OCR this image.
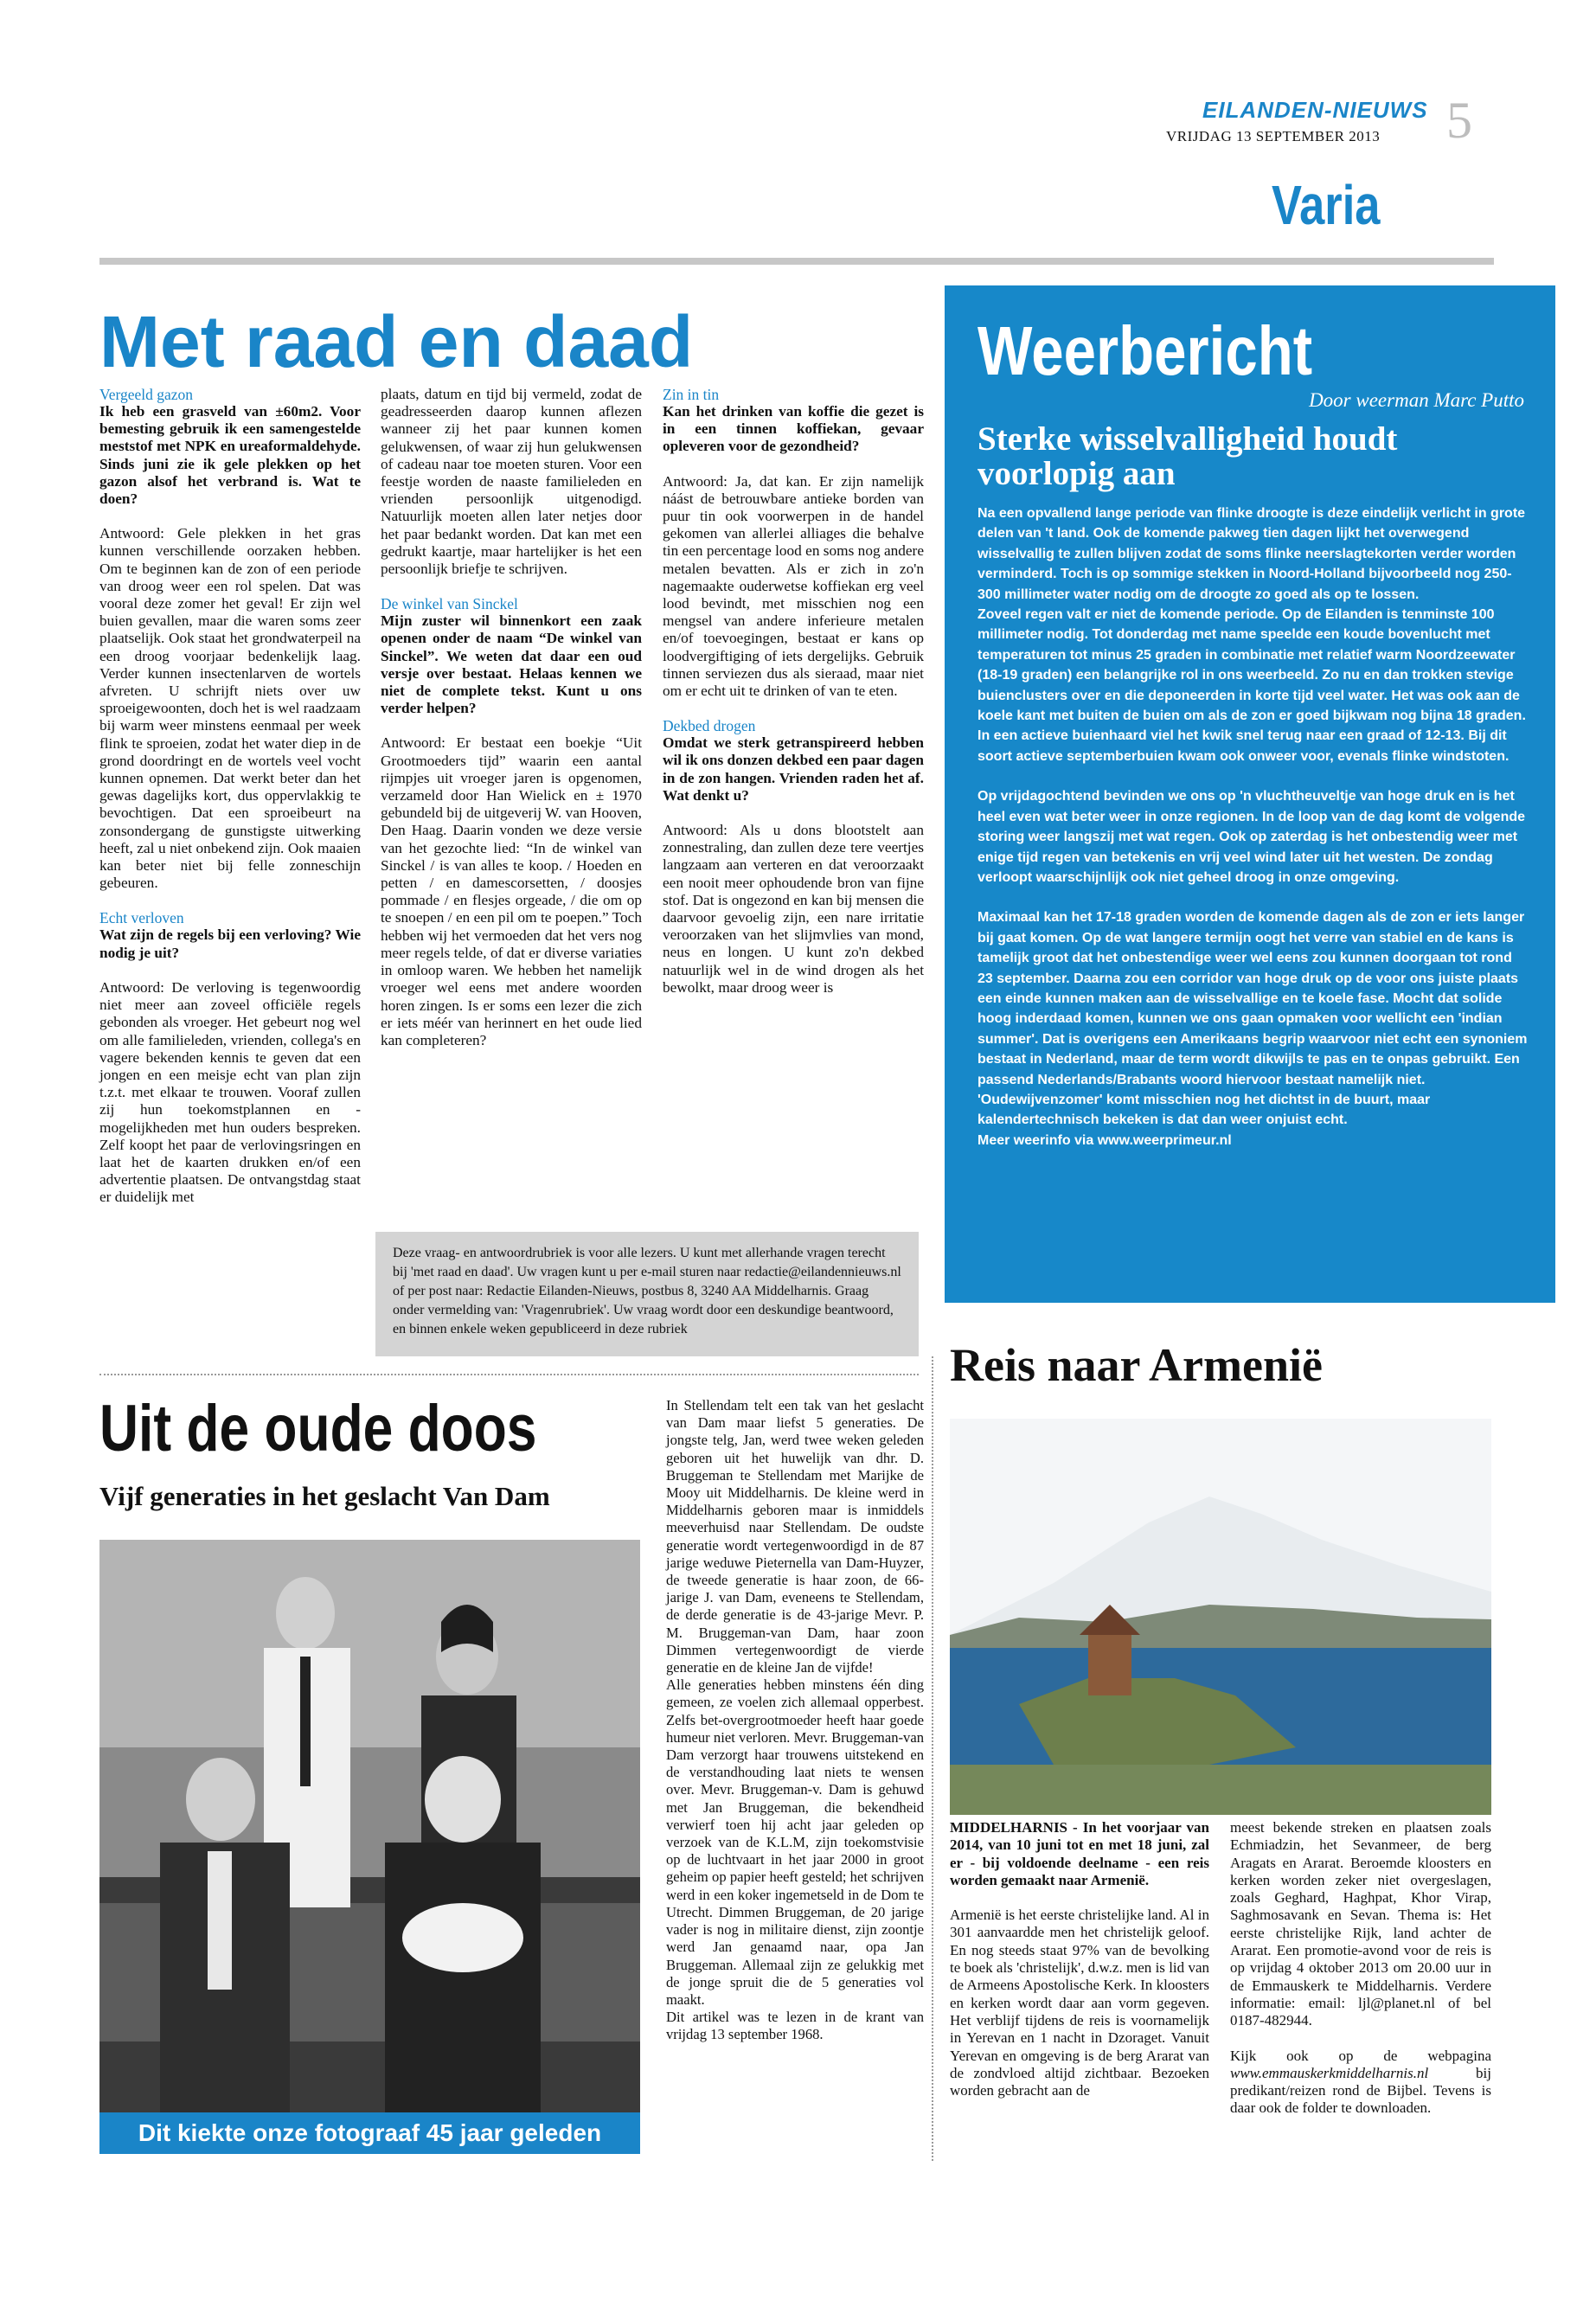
EILANDEN-NIEUWS
VRIJDAG 13 SEPTEMBER 2013 5
Varia
Met raad en daad
Vergeeld gazon

Ik heb een grasveld van ±60m2. Voor bemesting gebruik ik een samengestelde meststof met NPK en ureaformaldehyde. Sinds juni zie ik gele plekken op het gazon alsof het verbrand is. Wat te doen?

Antwoord: Gele plekken in het gras kunnen verschillende oorzaken hebben. Om te beginnen kan de zon of een periode van droog weer een rol spelen. Dat was vooral deze zomer het geval! Er zijn wel buien gevallen, maar die waren soms zeer plaatselijk. Ook staat het grondwaterpeil na een droog voorjaar bedenkelijk laag. Verder kunnen insectenlarven de wortels afvreten. U schrijft niets over uw sproeigewoonten, doch het is wel raadzaam bij warm weer minstens eenmaal per week flink te sproeien, zodat het water diep in de grond doordringt en de wortels veel vocht kunnen opnemen. Dat werkt beter dan het gewas dagelijks kort, dus oppervlakkig te bevochtigen. Dat een sproeibeurt na zonsondergang de gunstigste uitwerking heeft, zal u niet onbekend zijn. Ook maaien kan beter niet bij felle zonneschijn gebeuren.

Echt verloven

Wat zijn de regels bij een verloving? Wie nodig je uit?

Antwoord: De verloving is tegenwoordig niet meer aan zoveel officiële regels gebonden als vroeger. Het gebeurt nog wel om alle familieleden, vrienden, collega's en vagere bekenden kennis te geven dat een jongen en een meisje echt van plan zijn t.z.t. met elkaar te trouwen. Vooraf zullen zij hun toekomstplannen en -mogelijkheden met hun ouders bespreken. Zelf koopt het paar de verlovingsringen en laat het de kaarten drukken en/of een advertentie plaatsen. De ontvangstdag staat er duidelijk met

plaats, datum en tijd bij vermeld, zodat de geadresseerden daarop kunnen aflezen wanneer zij het paar kunnen komen gelukwensen, of waar zij hun gelukwensen of cadeau naar toe moeten sturen. Voor een feestje worden de naaste familieleden en vrienden persoonlijk uitgenodigd. Natuurlijk moeten allen later netjes door het paar bedankt worden. Dat kan met een gedrukt kaartje, maar hartelijker is het een persoonlijk briefje te schrijven.

De winkel van Sinckel

Mijn zuster wil binnenkort een zaak openen onder de naam “De winkel van Sinckel”. We weten dat daar een oud versje over bestaat. Helaas kennen we niet de complete tekst. Kunt u ons verder helpen?

Antwoord: Er bestaat een boekje “Uit Grootmoeders tijd” waarin een aantal rijmpjes uit vroeger jaren is opgenomen, verzameld door Han Wielick en ± 1970 gebundeld bij de uitgeverij W. van Hooven, Den Haag. Daarin vonden we deze versie van het gezochte lied: “In de winkel van Sinckel / is van alles te koop. / Hoeden en petten / en damescorsetten, / doosjes pommade / en flesjes orgeade, / die om op te snoepen / en een pil om te poepen.” Toch hebben wij het vermoeden dat het vers nog meer regels telde, of dat er diverse variaties in omloop waren. We hebben het namelijk vroeger wel eens met andere woorden horen zingen. Is er soms een lezer die zich er iets méér van herinnert en het oude lied kan completeren?

Zin in tin

Kan het drinken van koffie die gezet is in een tinnen koffiekan, gevaar opleveren voor de gezondheid?

Antwoord: Ja, dat kan. Er zijn namelijk náást de betrouwbare antieke borden van puur tin ook voorwerpen in de handel gekomen van allerlei alliages die behalve tin een percentage lood en soms nog andere metalen bevatten. Als er zich in zo'n nagemaakte ouderwetse koffiekan erg veel lood bevindt, met misschien nog een mengsel van andere inferieure metalen en/of toevoegingen, bestaat er kans op loodvergiftiging of iets dergelijks. Gebruik tinnen serviezen dus als sieraad, maar niet om er echt uit te drinken of van te eten.

Dekbed drogen

Omdat we sterk getranspireerd hebben wil ik ons donzen dekbed een paar dagen in de zon hangen. Vrienden raden het af. Wat denkt u?

Antwoord: Als u dons blootstelt aan zonnestraling, dan zullen deze tere veertjes langzaam aan verteren en dat veroorzaakt een nooit meer ophoudende bron van fijne stof. Dat is ongezond en kan bij mensen die daarvoor gevoelig zijn, een nare irritatie veroorzaken van het slijmvlies van mond, neus en longen. U kunt zo'n dekbed natuurlijk wel in de wind drogen als het bewolkt, maar droog weer is

Deze vraag- en antwoordrubriek is voor alle lezers. U kunt met allerhande vragen terecht bij 'met raad en daad'. Uw vragen kunt u per e-mail sturen naar redactie@eilandennieuws.nl of per post naar: Redactie Eilanden-Nieuws, postbus 8, 3240 AA Middelharnis. Graag onder vermelding van: 'Vragenrubriek'. Uw vraag wordt door een deskundige beantwoord, en binnen enkele weken gepubliceerd in deze rubriek
Weerbericht
Door weerman Marc Putto
Sterke wisselvalligheid houdt voorlopig aan

Na een opvallend lange periode van flinke droogte is deze eindelijk verlicht in grote delen van 't land. Ook de komende pakweg tien dagen lijkt het overwegend wisselvallig te zullen blijven zodat de soms flinke neerslagtekorten verder worden verminderd. Toch is op sommige stekken in Noord-Holland bijvoorbeeld nog 250-300 millimeter water nodig om de droogte zo goed als op te lossen.

Zoveel regen valt er niet de komende periode. Op de Eilanden is tenminste 100 millimeter nodig. Tot donderdag met name speelde een koude bovenlucht met temperaturen tot minus 25 graden in combinatie met relatief warm Noordzeewater (18-19 graden) een belangrijke rol in ons weerbeeld. Zo nu en dan trokken stevige buienclusters over en die deponeerden in korte tijd veel water. Het was ook aan de koele kant met buiten de buien om als de zon er goed bijkwam nog bijna 18 graden. In een actieve buienhaard viel het kwik snel terug naar een graad of 12-13. Bij dit soort actieve septemberbuien kwam ook onweer voor, evenals flinke windstoten.

Op vrijdagochtend bevinden we ons op 'n vluchtheuveltje van hoge druk en is het heel even wat beter weer in onze regionen. In de loop van de dag komt de volgende storing weer langszij met wat regen. Ook op zaterdag is het onbestendig weer met enige tijd regen van betekenis en vrij veel wind later uit het westen. De zondag verloopt waarschijnlijk ook niet geheel droog in onze omgeving.

Maximaal kan het 17-18 graden worden de komende dagen als de zon er iets langer bij gaat komen. Op de wat langere termijn oogt het verre van stabiel en de kans is tamelijk groot dat het onbestendige weer wel eens zou kunnen doorgaan tot rond 23 september. Daarna zou een corridor van hoge druk op de voor ons juiste plaats een einde kunnen maken aan de wisselvallige en te koele fase. Mocht dat solide hoog inderdaad komen, kunnen we ons gaan opmaken voor wellicht een 'indian summer'. Dat is overigens een Amerikaans begrip waarvoor niet echt een synoniem bestaat in Nederland, maar de term wordt dikwijls te pas en te onpas gebruikt. Een passend Nederlands/Brabants woord hiervoor bestaat namelijk niet. 'Oudewijvenzomer' komt misschien nog het dichtst in de buurt, maar kalendertechnisch bekeken is dat dan weer onjuist echt.

Meer weerinfo via www.weerprimeur.nl

Uit de oude doos
Vijf generaties in het geslacht Van Dam
Dit kiekte onze fotograaf 45 jaar geleden

In Stellendam telt een tak van het geslacht van Dam maar liefst 5 generaties. De jongste telg, Jan, werd twee weken geleden geboren uit het huwelijk van dhr. D. Bruggeman te Stellendam met Marijke de Mooy uit Middelharnis. De kleine werd in Middelharnis geboren maar is inmiddels meeverhuisd naar Stellendam. De oudste generatie wordt vertegenwoordigd in de 87 jarige weduwe Pieternella van Dam-Huyzer, de tweede generatie is haar zoon, de 66-jarige J. van Dam, eveneens te Stellendam, de derde generatie is de 43-jarige Mevr. P. M. Bruggeman-van Dam, haar zoon Dimmen vertegenwoordigt de vierde generatie en de kleine Jan de vijfde!

Alle generaties hebben minstens één ding gemeen, ze voelen zich allemaal opperbest. Zelfs bet-overgrootmoeder heeft haar goede humeur niet verloren. Mevr. Bruggeman-van Dam verzorgt haar trouwens uitstekend en de verstandhouding laat niets te wensen over. Mevr. Bruggeman-v. Dam is gehuwd met Jan Bruggeman, die bekendheid verwierf toen hij acht jaar geleden op verzoek van de K.L.M, zijn toekomstvisie op de luchtvaart in het jaar 2000 in groot geheim op papier heeft gesteld; het schrijven werd in een koker ingemetseld in de Dom te Utrecht. Dimmen Bruggeman, de 20 jarige vader is nog in militaire dienst, zijn zoontje werd Jan genaamd naar, opa Jan Bruggeman. Allemaal zijn ze gelukkig met de jonge spruit die de 5 generaties vol maakt.

Dit artikel was te lezen in de krant van vrijdag 13 september 1968.

Reis naar Armenië

MIDDELHARNIS - In het voorjaar van 2014, van 10 juni tot en met 18 juni, zal er - bij voldoende deelname - een reis worden gemaakt naar Armenië.

Armenië is het eerste christelijke land. Al in 301 aanvaardde men het christelijk geloof. En nog steeds staat 97% van de bevolking te boek als 'christelijk', d.w.z. men is lid van de Armeens Apostolische Kerk. In kloosters en kerken wordt daar aan vorm gegeven. Het verblijf tijdens de reis is voornamelijk in Yerevan en 1 nacht in Dzoraget. Vanuit Yerevan en omgeving is de berg Ararat van de zondvloed altijd zichtbaar. Bezoeken worden gebracht aan de

meest bekende streken en plaatsen zoals Echmiadzin, het Sevanmeer, de berg Aragats en Ararat. Beroemde kloosters en kerken worden zeker niet overgeslagen, zoals Geghard, Haghpat, Khor Virap, Saghmosavank en Sevan. Thema is: Het eerste christelijke Rijk, land achter de Ararat. Een promotie-avond voor de reis is op vrijdag 4 oktober 2013 om 20.00 uur in de Emmauskerk te Middelharnis. Verdere informatie: email: ljl@planet.nl of bel 0187-482944.

Kijk ook op de webpagina www.emmauskerkmiddelharnis.nl	bij predikant/reizen rond de Bijbel. Tevens is daar ook de folder te downloaden.
